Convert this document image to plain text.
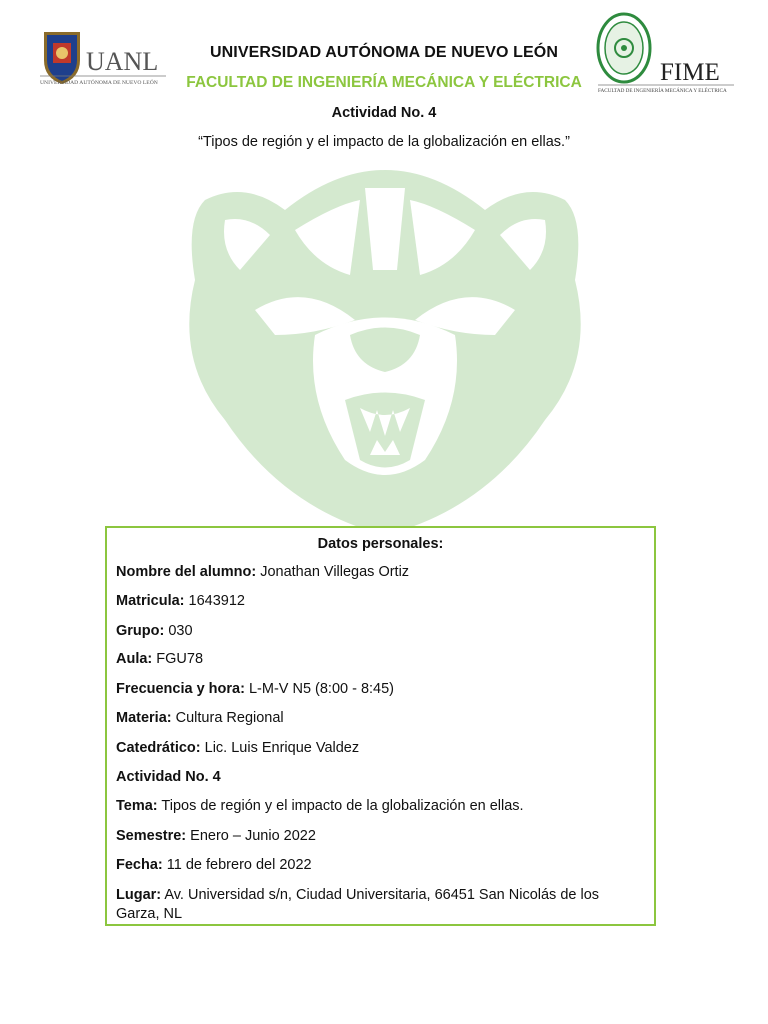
UANL
UNIVERSIDAD AUTÓNOMA DE NUEVO LEÓN	FIME
FACULTAD DE INGENIERÍA MECÁNICA Y ELÉCTRICA
UNIVERSIDAD AUTÓNOMA DE NUEVO LEÓN
FACULTAD DE INGENIERÍA MECÁNICA Y ELÉCTRICA
Actividad No. 4
“Tipos de región y el impacto de la globalización en ellas.”
Datos personales:
Nombre del alumno: Jonathan Villegas Ortiz
Matricula: 1643912
Grupo: 030
Aula: FGU78
Frecuencia y hora: L-M-V N5 (8:00 - 8:45)
Materia: Cultura Regional
Catedrático: Lic. Luis Enrique Valdez
Actividad No. 4
Tema: Tipos de región y el impacto de la globalización en ellas.
Semestre: Enero – Junio 2022
Fecha: 11 de febrero del 2022
Lugar: Av. Universidad s/n, Ciudad Universitaria, 66451 San Nicolás de los Garza, NL
